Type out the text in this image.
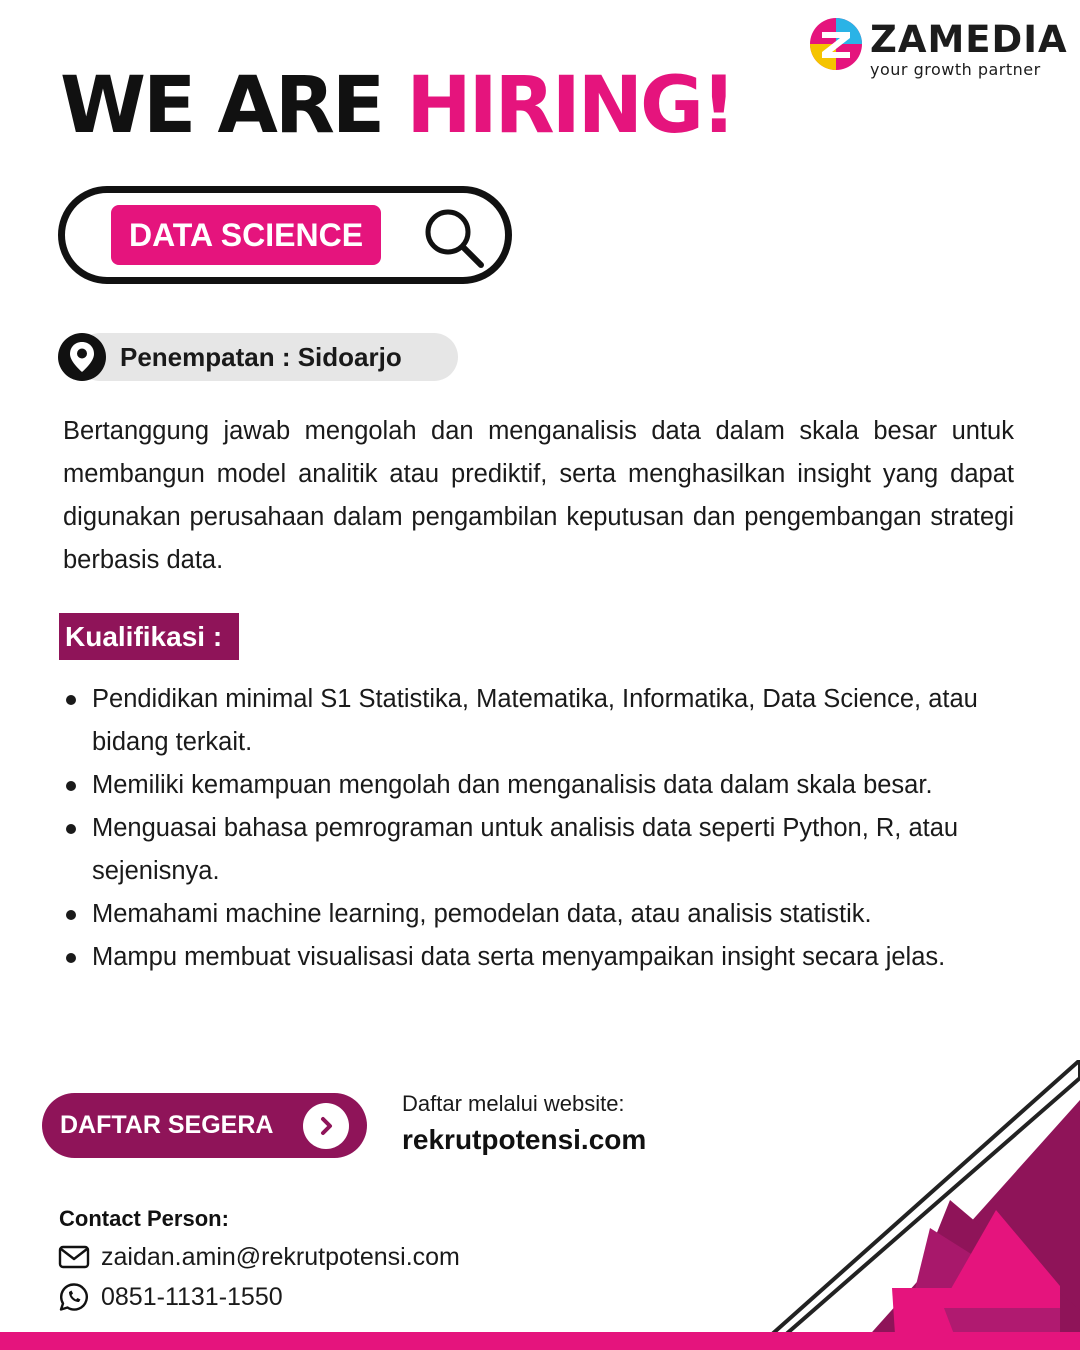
ZAMEDIA
your growth partner
WE ARE HIRING!
DATA SCIENCE
Penempatan : Sidoarjo

Bertanggung jawab mengolah dan menganalisis data dalam skala besar untuk membangun model analitik atau prediktif, serta menghasilkan insight yang dapat digunakan perusahaan dalam pengambilan keputusan dan pengembangan strategi berbasis data.

Kualifikasi :
Pendidikan minimal S1 Statistika, Matematika, Informatika, Data Science, atau bidang terkait.
Memiliki kemampuan mengolah dan menganalisis data dalam skala besar.
Menguasai bahasa pemrograman untuk analisis data seperti Python, R, atau sejenisnya.
Memahami machine learning, pemodelan data, atau analisis statistik.
Mampu membuat visualisasi data serta menyampaikan insight secara jelas.
DAFTAR SEGERA
Daftar melalui website:
rekrutpotensi.com
Contact Person:
zaidan.amin@rekrutpotensi.com
0851-1131-1550
